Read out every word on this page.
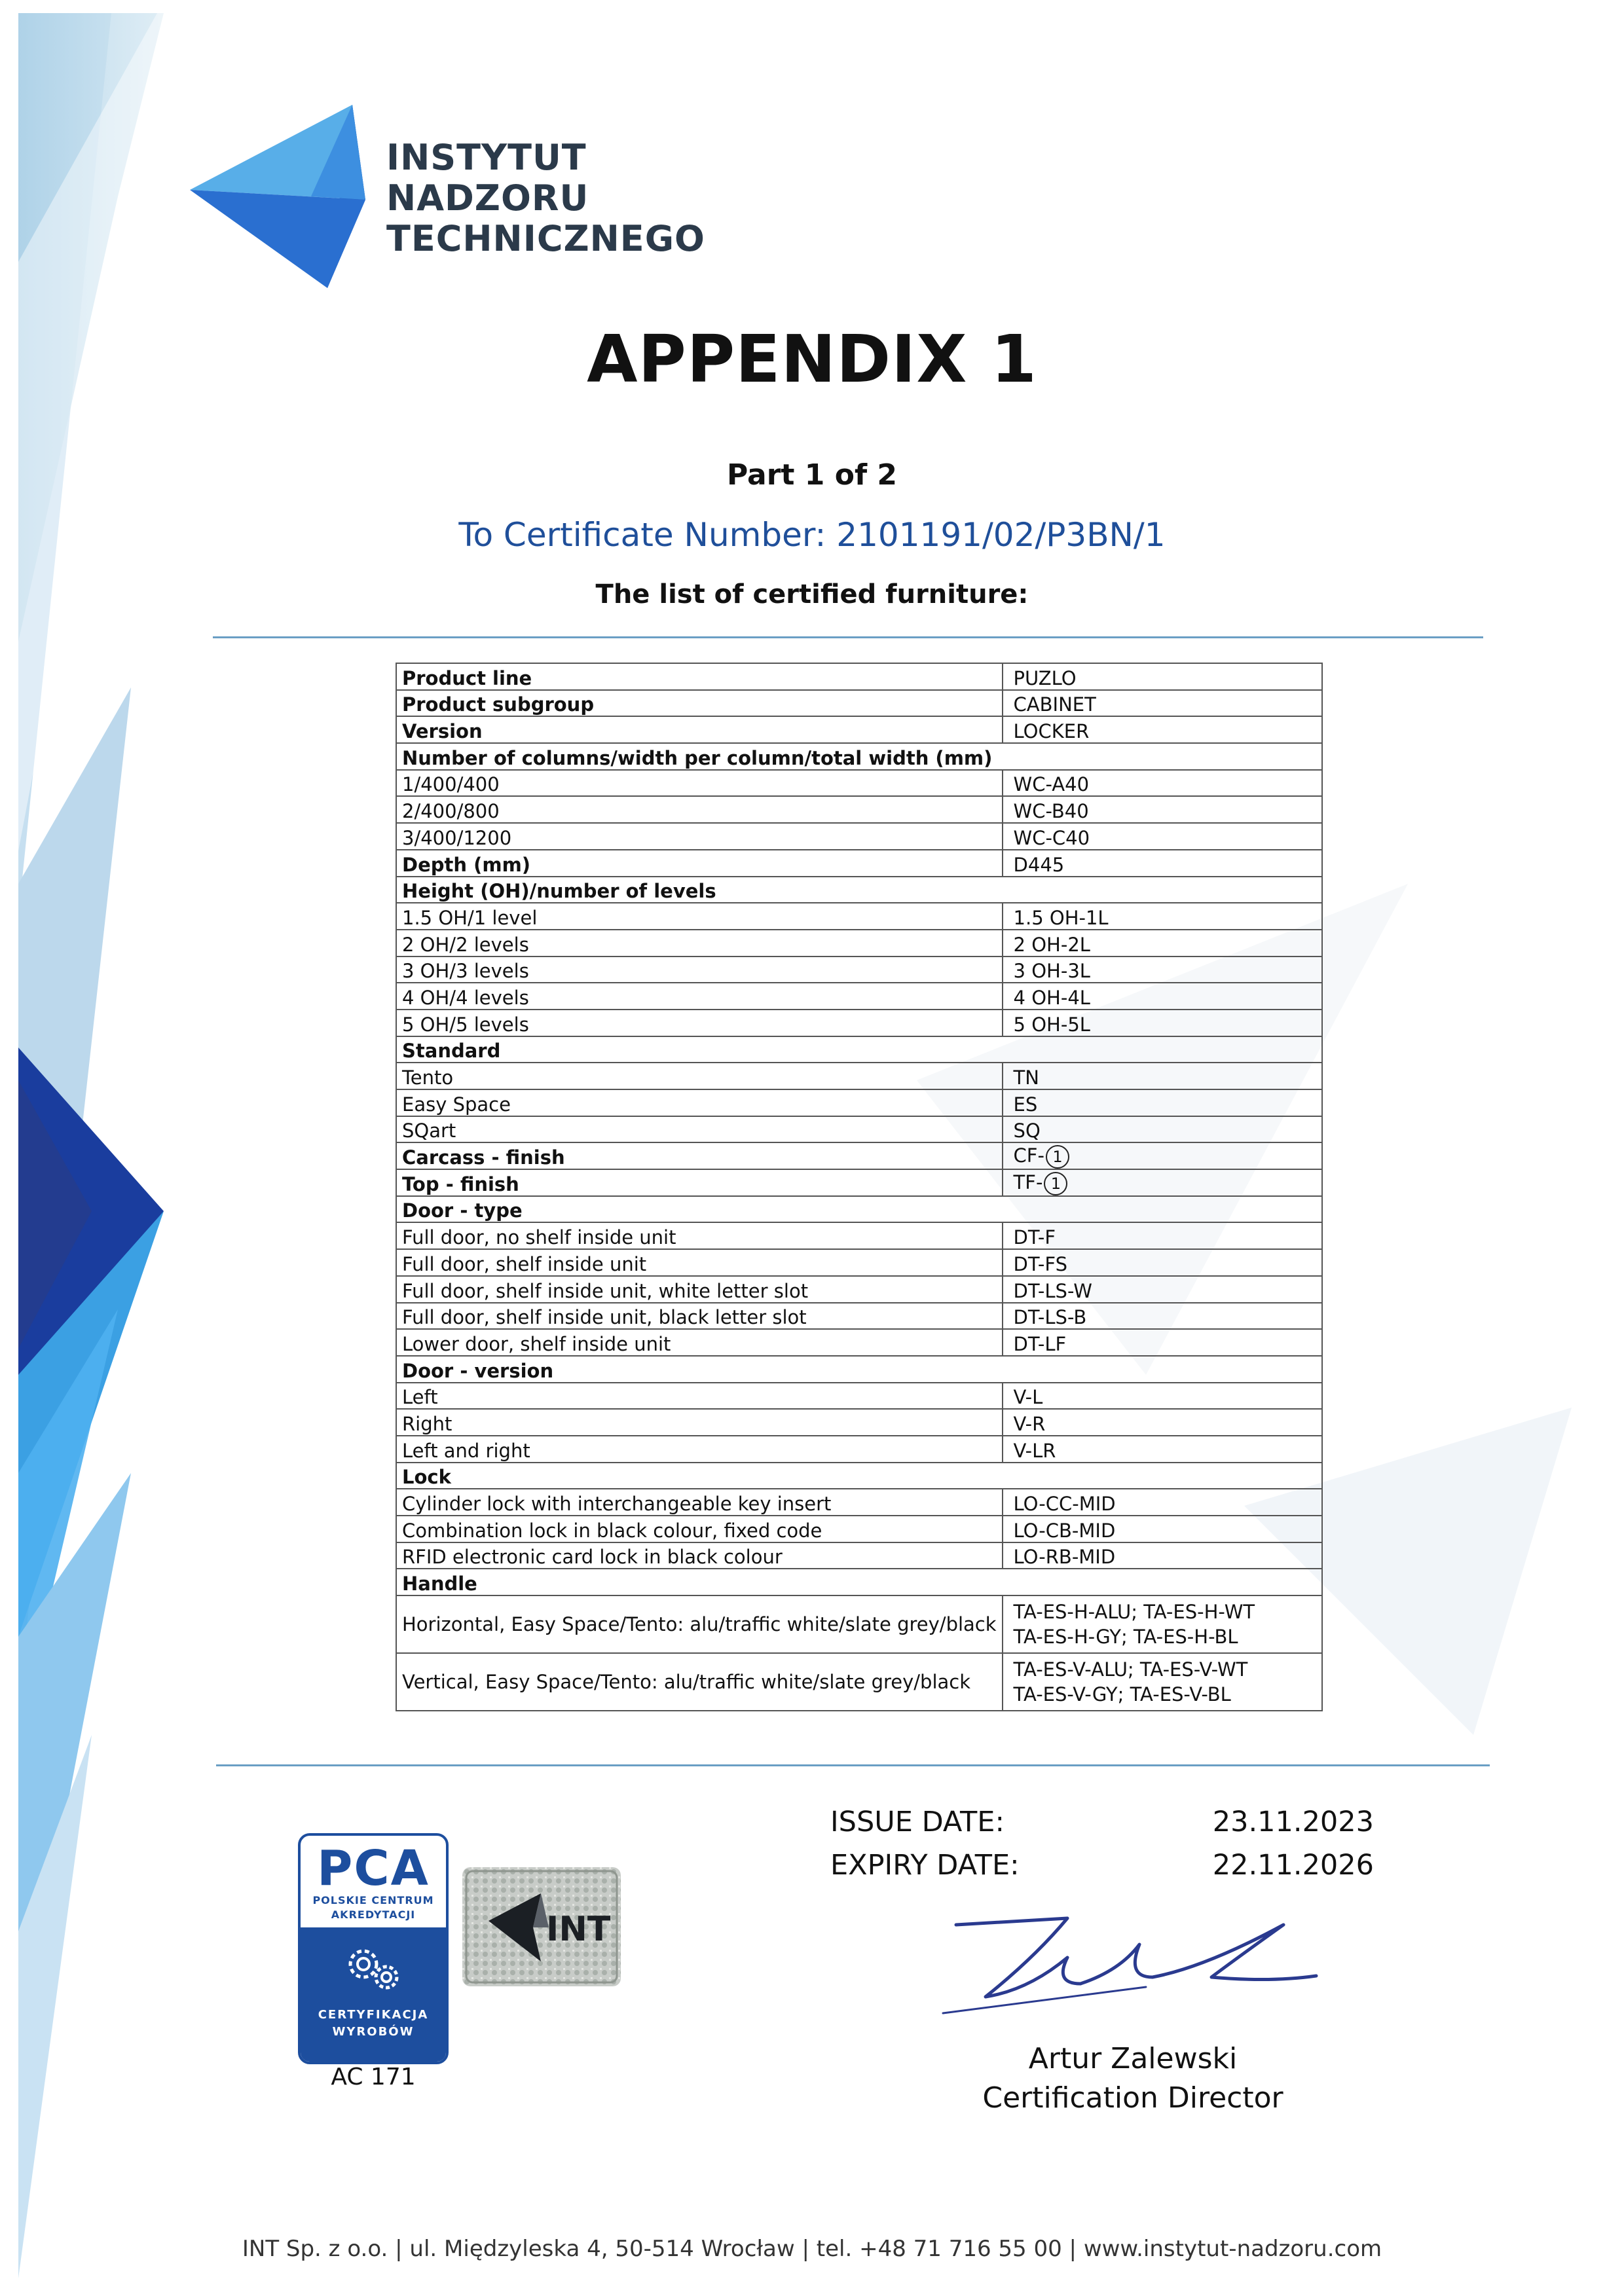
INSTYTUT
NADZORU
TECHNICZNEGO
APPENDIX 1
Part 1 of 2
To Certificate Number: 2101191/02/P3BN/1
The list of certified furniture:
Product line	PUZLO
Product subgroup	CABINET
Version	LOCKER
Number of columns/width per column/total width (mm)	
1/400/400	WC-A40
2/400/800	WC-B40
3/400/1200	WC-C40
Depth (mm)	D445
Height (OH)/number of levels	
1.5 OH/1 level	1.5 OH-1L
2 OH/2 levels	2 OH-2L
3 OH/3 levels	3 OH-3L
4 OH/4 levels	4 OH-4L
5 OH/5 levels	5 OH-5L
Standard	
Tento	TN
Easy Space	ES
SQart	SQ
Carcass - finish	CF- 1
Top - finish	TF- 1
Door - type	
Full door, no shelf inside unit	DT-F
Full door, shelf inside unit	DT-FS
Full door, shelf inside unit, white letter slot	DT-LS-W
Full door, shelf inside unit, black letter slot	DT-LS-B
Lower door, shelf inside unit	DT-LF
Door - version	
Left	V-L
Right	V-R
Left and right	V-LR
Lock	
Cylinder lock with interchangeable key insert	LO-CC-MID
Combination lock in black colour, fixed code	LO-CB-MID
RFID electronic card lock in black colour	LO-RB-MID
Handle	
Horizontal, Easy Space/Tento: alu/traffic white/slate grey/black	TA-ES-H-ALU; TA-ES-H-WT
TA-ES-H-GY; TA-ES-H-BL
Vertical, Easy Space/Tento: alu/traffic white/slate grey/black	TA-ES-V-ALU; TA-ES-V-WT
TA-ES-V-GY; TA-ES-V-BL
ISSUE DATE:	23.11.2023
EXPIRY DATE:	22.11.2026
Artur Zalewski
Certification Director
PCA
POLSKIE CENTRUM
AKREDYTACJI
CERTYFIKACJA
WYROBÓW
AC 171
INT
INT Sp. z o.o. | ul. Międzyleska 4, 50-514 Wrocław | tel. +48 71 716 55 00 | www.instytut-nadzoru.com
